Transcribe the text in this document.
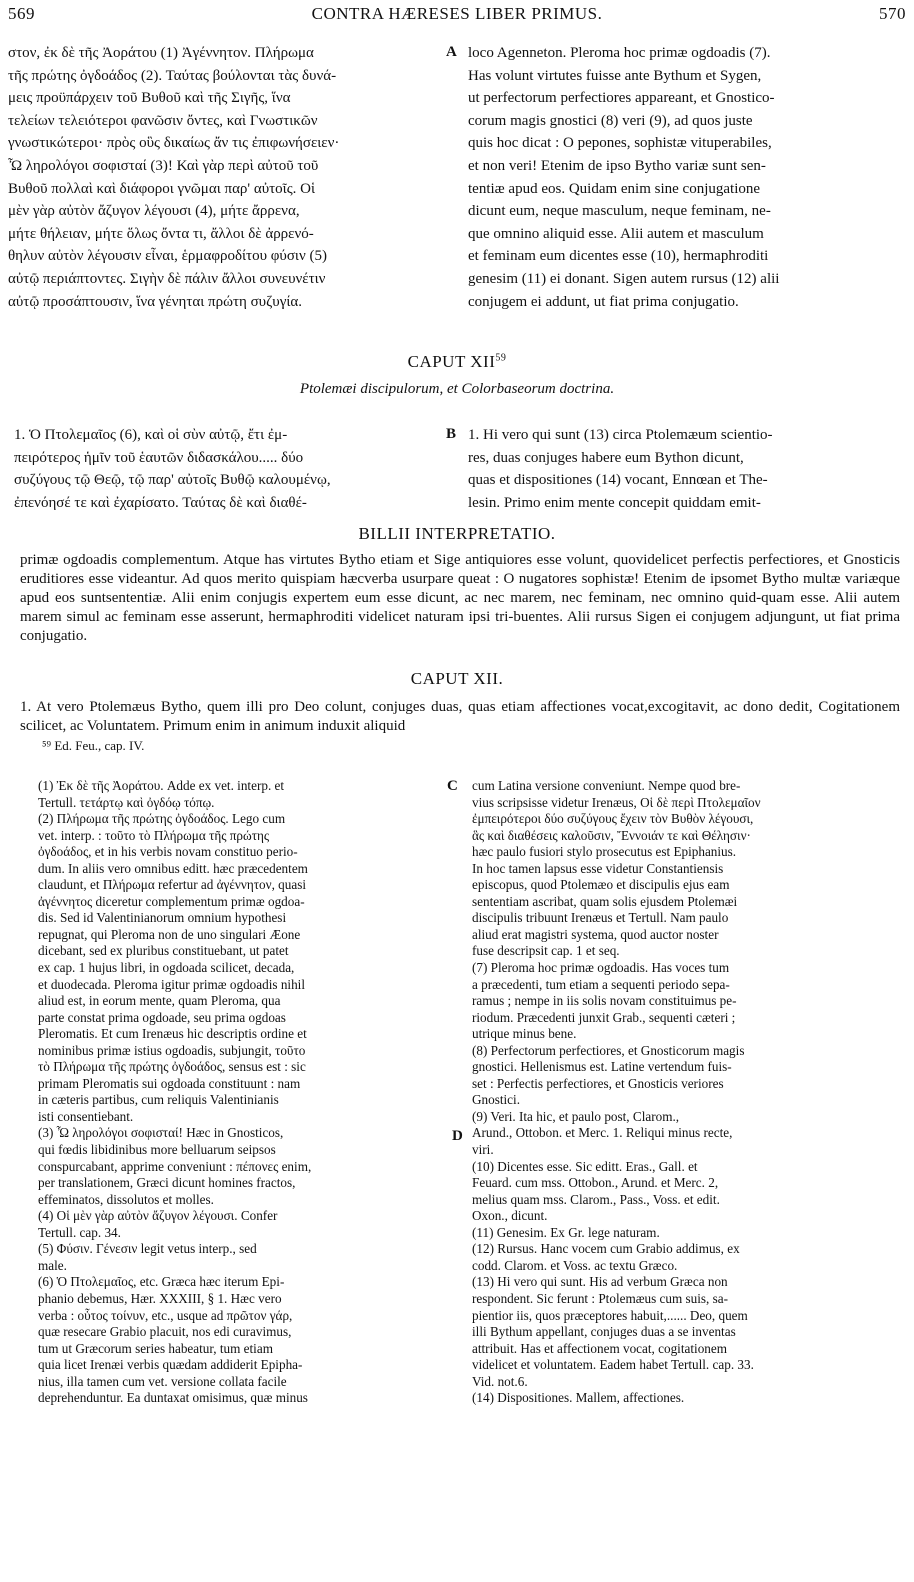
569	CONTRA HÆRESES LIBER PRIMUS.	570
στον, ἐκ δὲ τῆς Ἀοράτου (1) Ἀγέννητον. Πλήρωμα
τῆς πρώτης ὀγδοάδος (2). Ταύτας βούλονται τὰς δυνά-
μεις προϋπάρχειν τοῦ Βυθοῦ καὶ τῆς Σιγῆς, ἵνα
τελείων τελειότεροι φανῶσιν ὄντες, καὶ Γνωστικῶν
γνωστικώτεροι· πρὸς οὓς δικαίως ἄν τις ἐπιφωνήσειεν·
Ὦ ληρολόγοι σοφισταί (3)! Καὶ γὰρ περὶ αὐτοῦ τοῦ
Βυθοῦ πολλαὶ καὶ διάφοροι γνῶμαι παρ' αὐτοῖς. Οἱ
μὲν γὰρ αὐτὸν ἄζυγον λέγουσι (4), μήτε ἄρρενα,
μήτε θήλειαν, μήτε ὅλως ὄντα τι, ἄλλοι δὲ ἀρρενό-
θηλυν αὐτὸν λέγουσιν εἶναι, ἑρμαφροδίτου φύσιν (5)
αὐτῷ περιάπτοντες. Σιγὴν δὲ πάλιν ἄλλοι συνευνέτιν
αὐτῷ προσάπτουσιν, ἵνα γένηται πρώτη συζυγία.
A loco Agenneton. Pleroma hoc primæ ogdoadis (7).
Has volunt virtutes fuisse ante Bythum et Sygen,
ut perfectorum perfectiores appareant, et Gnostico-
corum magis gnostici (8) veri (9), ad quos juste
quis hoc dicat : O pepones, sophistæ vituperabiles,
et non veri! Etenim de ipso Bytho variæ sunt sen-
tentiæ apud eos. Quidam enim sine conjugatione
dicunt eum, neque masculum, neque feminam, ne-
que omnino aliquid esse. Alii autem et masculum
et feminam eum dicentes esse (10), hermaphroditi
genesim (11) ei donant. Sigen autem rursus (12) alii
conjugem ei addunt, ut fiat prima conjugatio.
CAPUT XII$^{59}$
Ptolemæi discipulorum, et Colorbaseorum doctrina.
1. Ὁ Πτολεμαῖος (6), καὶ οἱ σὺν αὐτῷ, ἔτι ἐμ-
πειρότερος ἡμῖν τοῦ ἑαυτῶν διδασκάλου..... δύο
συζύγους τῷ Θεῷ, τῷ παρ' αὐτοῖς Βυθῷ καλουμένῳ,
ἐπενόησέ τε καὶ ἐχαρίσατο. Ταύτας δὲ καὶ διαθέ-
B 1. Hi vero qui sunt (13) circa Ptolemæum scientio-
res, duas conjuges habere eum Bython dicunt,
quas et dispositiones (14) vocant, Ennœan et The-
lesin. Primo enim mente concepit quiddam emit-
BILLII INTERPRETATIO.
primæ ogdoadis complementum. Atque has virtutes Bytho etiam et Sige antiquiores esse volunt, quovidelicet perfectis perfectiores, et Gnosticis eruditiores esse videantur. Ad quos merito quispiam hæcverba usurpare queat : O nugatores sophistæ! Etenim de ipsomet Bytho multæ variæque apud eos suntsententiæ. Alii enim conjugis expertem eum esse dicunt, ac nec marem, nec feminam, nec omnino quid-quam esse. Alii autem marem simul ac feminam esse asserunt, hermaphroditi videlicet naturam ipsi tri-buentes. Alii rursus Sigen ei conjugem adjungunt, ut fiat prima conjugatio.
CAPUT XII.
1. At vero Ptolemæus Bytho, quem illi pro Deo colunt, conjuges duas, quas etiam affectiones vocat,excogitavit, ac dono dedit, Cogitationem scilicet, ac Voluntatem. Primum enim in animum induxit aliquid
⁵⁹ Ed. Feu., cap. IV.
(1) Ἐκ δὲ τῆς Ἀοράτου. Adde ex vet. interp. et
Tertull. τετάρτῳ καὶ ὀγδόῳ τόπῳ.
(2) Πλήρωμα τῆς πρώτης ὀγδοάδος. Lego cum
vet. interp. : τοῦτο τὸ Πλήρωμα τῆς πρώτης
ὀγδοάδος, et in his verbis novam constituo perio-
dum. In aliis vero omnibus editt. hæc præcedentem
claudunt, et Πλήρωμα refertur ad ἀγέννητον, quasi
ἀγέννητος diceretur complementum primæ ogdoa-
dis. Sed id Valentinianorum omnium hypothesi
repugnat, qui Pleroma non de uno singulari Æone
dicebant, sed ex pluribus constituebant, ut patet
ex cap. 1 hujus libri, in ogdoada scilicet, decada,
et duodecada. Pleroma igitur primæ ogdoadis nihil
aliud est, in eorum mente, quam Pleroma, qua
parte constat prima ogdoade, seu prima ogdoas
Pleromatis. Et cum Irenæus hic descriptis ordine et
nominibus primæ istius ogdoadis, subjungit, τοῦτο
τὸ Πλήρωμα τῆς πρώτης ὀγδοάδος, sensus est : sic
primam Pleromatis sui ogdoada constituunt : nam
in cæteris partibus, cum reliquis Valentinianis
isti consentiebant.
(3) Ὦ ληρολόγοι σοφισταί! Hæc in Gnosticos,
qui fœdis libidinibus more belluarum seipsos
conspurcabant, apprime conveniunt : πέπονες enim,
per translationem, Græci dicunt homines fractos,
effeminatos, dissolutos et molles.
(4) Οἱ μὲν γὰρ αὐτὸν ἄζυγον λέγουσι. Confer
Tertull. cap. 34.
(5) Φύσιν. Γένεσιν legit vetus interp., sed
male.
(6) Ὁ Πτολεμαῖος, etc. Græca hæc iterum Epi-
phanio debemus, Hær. XXXIII, § 1. Hæc vero
verba : οὗτος τοίνυν, etc., usque ad πρῶτον γάρ,
quæ resecare Grabio placuit, nos edi curavimus,
tum ut Græcorum series habeatur, tum etiam
quia licet Irenæi verbis quædam addiderit Epipha-
nius, illa tamen cum vet. versione collata facile
deprehenduntur. Ea duntaxat omisimus, quæ minus
C
D
cum Latina versione conveniunt. Nempe quod bre-
vius scripsisse videtur Irenæus, Οἱ δὲ περὶ Πτολεμαῖον
ἐμπειρότεροι δύο συζύγους ἔχειν τὸν Βυθὸν λέγουσι,
ἃς καὶ διαθέσεις καλοῦσιν, Ἔννοιάν τε καὶ Θέλησιν·
hæc paulo fusiori stylo prosecutus est Epiphanius.
In hoc tamen lapsus esse videtur Constantiensis
episcopus, quod Ptolemæo et discipulis ejus eam
sententiam ascribat, quam solis ejusdem Ptolemæi
discipulis tribuunt Irenæus et Tertull. Nam paulo
aliud erat magistri systema, quod auctor noster
fuse descripsit cap. 1 et seq.
(7) Pleroma hoc primæ ogdoadis. Has voces tum
a præcedenti, tum etiam a sequenti periodo sepa-
ramus ; nempe in iis solis novam constituimus pe-
riodum. Præcedenti junxit Grab., sequenti cæteri ;
utrique minus bene.
(8) Perfectorum perfectiores, et Gnosticorum magis
gnostici. Hellenismus est. Latine vertendum fuis-
set : Perfectis perfectiores, et Gnosticis veriores
Gnostici.
(9) Veri. Ita hic, et paulo post, Clarom.,
Arund., Ottobon. et Merc. 1. Reliqui minus recte,
viri.
(10) Dicentes esse. Sic editt. Eras., Gall. et
Feuard. cum mss. Ottobon., Arund. et Merc. 2,
melius quam mss. Clarom., Pass., Voss. et edit.
Oxon., dicunt.
(11) Genesim. Ex Gr. lege naturam.
(12) Rursus. Hanc vocem cum Grabio addimus, ex
codd. Clarom. et Voss. ac textu Græco.
(13) Hi vero qui sunt. His ad verbum Græca non
respondent. Sic ferunt : Ptolemæus cum suis, sa-
pientior iis, quos præceptores habuit,...... Deo, quem
illi Bythum appellant, conjuges duas a se inventas
attribuit. Has et affectionem vocat, cogitationem
videlicet et voluntatem. Eadem habet Tertull. cap. 33.
Vid. not.6.
(14) Dispositiones. Mallem, affectiones.
